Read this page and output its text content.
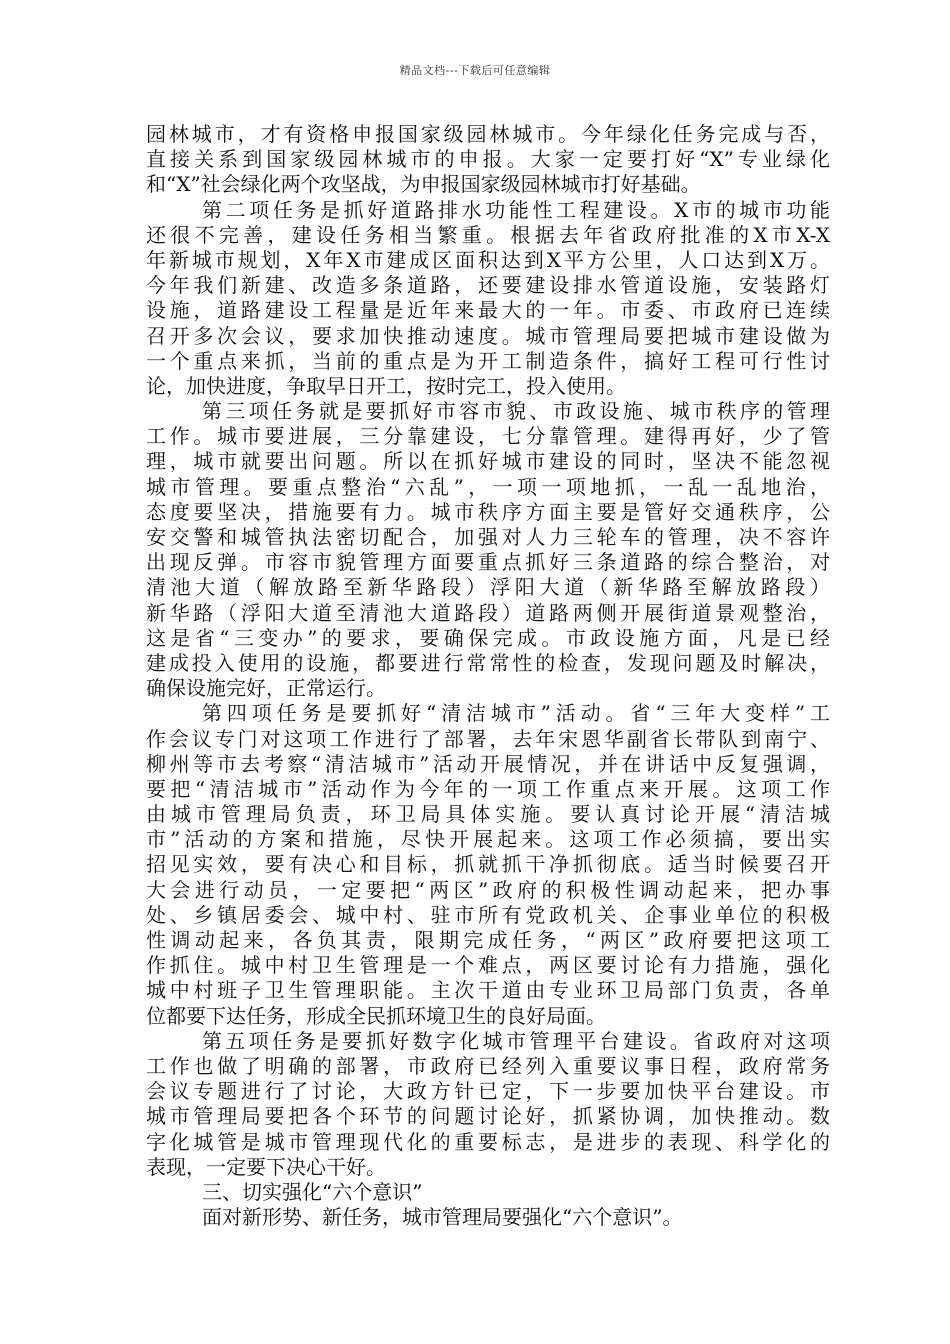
精品文档---下载后可任意编辑
园林城市，才有资格申报国家级园林城市。今年绿化任务完成与否，
直接关系到国家级园林城市的申报。大家一定要打好“X”专业绿化
和“X”社会绿化两个攻坚战，为申报国家级园林城市打好基础。
第二项任务是抓好道路排水功能性工程建设。X市的城市功能
还很不完善，建设任务相当繁重。根据去年省政府批准的X市X-X
年新城市规划，X年X市建成区面积达到X平方公里，人口达到X万。
今年我们新建、改造多条道路，还要建设排水管道设施，安装路灯
设施，道路建设工程量是近年来最大的一年。市委、市政府已连续
召开多次会议，要求加快推动速度。城市管理局要把城市建设做为
一个重点来抓，当前的重点是为开工制造条件，搞好工程可行性讨
论，加快进度，争取早日开工，按时完工，投入使用。
第三项任务就是要抓好市容市貌、市政设施、城市秩序的管理
工作。城市要进展，三分靠建设，七分靠管理。建得再好，少了管
理，城市就要出问题。所以在抓好城市建设的同时，坚决不能忽视
城市管理。要重点整治“六乱”，一项一项地抓，一乱一乱地治，
态度要坚决，措施要有力。城市秩序方面主要是管好交通秩序，公
安交警和城管执法密切配合，加强对人力三轮车的管理，决不容许
出现反弹。市容市貌管理方面要重点抓好三条道路的综合整治，对
清池大道（解放路至新华路段）浮阳大道（新华路至解放路段）
新华路（浮阳大道至清池大道路段）道路两侧开展街道景观整治，
这是省“三变办”的要求，要确保完成。市政设施方面，凡是已经
建成投入使用的设施，都要进行常常性的检查，发现问题及时解决，
确保设施完好，正常运行。
第四项任务是要抓好“清洁城市”活动。省“三年大变样”工
作会议专门对这项工作进行了部署，去年宋恩华副省长带队到南宁、
柳州等市去考察“清洁城市”活动开展情况，并在讲话中反复强调，
要把“清洁城市”活动作为今年的一项工作重点来开展。这项工作
由城市管理局负责，环卫局具体实施。要认真讨论开展“清洁城
市”活动的方案和措施，尽快开展起来。这项工作必须搞，要出实
招见实效，要有决心和目标，抓就抓干净抓彻底。适当时候要召开
大会进行动员，一定要把“两区”政府的积极性调动起来，把办事
处、乡镇居委会、城中村、驻市所有党政机关、企事业单位的积极
性调动起来，各负其责，限期完成任务，“两区”政府要把这项工
作抓住。城中村卫生管理是一个难点，两区要讨论有力措施，强化
城中村班子卫生管理职能。主次干道由专业环卫局部门负责，各单
位都要下达任务，形成全民抓环境卫生的良好局面。
第五项任务是要抓好数字化城市管理平台建设。省政府对这项
工作也做了明确的部署，市政府已经列入重要议事日程，政府常务
会议专题进行了讨论，大政方针已定，下一步要加快平台建设。市
城市管理局要把各个环节的问题讨论好，抓紧协调，加快推动。数
字化城管是城市管理现代化的重要标志，是进步的表现、科学化的
表现，一定要下决心干好。
三、切实强化“六个意识”
面对新形势、新任务，城市管理局要强化“六个意识”。
